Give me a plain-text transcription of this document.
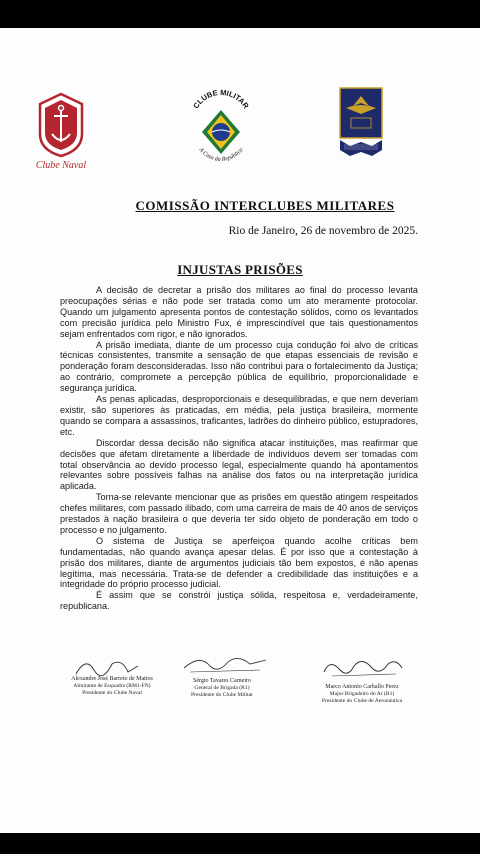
Clube Naval
CLUBE MILITAR
A Casa da República
COMISSÃO INTERCLUBES MILITARES
Rio de Janeiro, 26 de novembro de 2025.
INJUSTAS PRISÕES

A decisão de decretar a prisão dos militares ao final do processo levanta preocupações sérias e não pode ser tratada como um ato meramente protocolar. Quando um julgamento apresenta pontos de contestação sólidos, como os levantados com precisão jurídica pelo Ministro Fux, é imprescindível que tais questionamentos sejam enfrentados com rigor, e não ignorados.

A prisão imediata, diante de um processo cuja condução foi alvo de críticas técnicas consistentes, transmite a sensação de que etapas essenciais de revisão e ponderação foram desconsideradas. Isso não contribui para o fortalecimento da Justiça; ao contrário, compromete a percepção pública de equilíbrio, proporcionalidade e segurança jurídica.

As penas aplicadas, desproporcionais e desequilibradas, e que nem deveriam existir, são superiores às praticadas, em média, pela justiça brasileira, mormente quando se compara a assassinos, traficantes, ladrões do dinheiro público, estupradores, etc.

Discordar dessa decisão não significa atacar instituições, mas reafirmar que decisões que afetam diretamente a liberdade de indivíduos devem ser tomadas com total observância ao devido processo legal, especialmente quando há apontamentos relevantes sobre possíveis falhas na análise dos fatos ou na interpretação jurídica aplicada.

Torna-se relevante mencionar que as prisões em questão atingem respeitados chefes militares, com passado ilibado, com uma carreira de mais de 40 anos de serviços prestados à nação brasileira o que deveria ter sido objeto de ponderação em todo o processo e no julgamento.

O sistema de Justiça se aperfeiçoa quando acolhe críticas bem fundamentadas, não quando avança apesar delas. É por isso que a contestação à prisão dos militares, diante de argumentos judiciais tão bem expostos, é não apenas legítima, mas necessária. Trata-se de defender a credibilidade das instituições e a integridade do próprio processo judicial.

É assim que se constrói justiça sólida, respeitosa e, verdadeiramente, republicana.

Alexandre José Barreto de Mattos
Almirante de Esquadra (RM1-FN)
Presidente do Clube Naval
Sérgio Tavares Carneiro
General de Brigada (R1)
Presidente do Clube Militar
Marco Antonio Carballo Perez
Major Brigadeiro do Ar (R1)
Presidente do Clube de Aeronáutica
